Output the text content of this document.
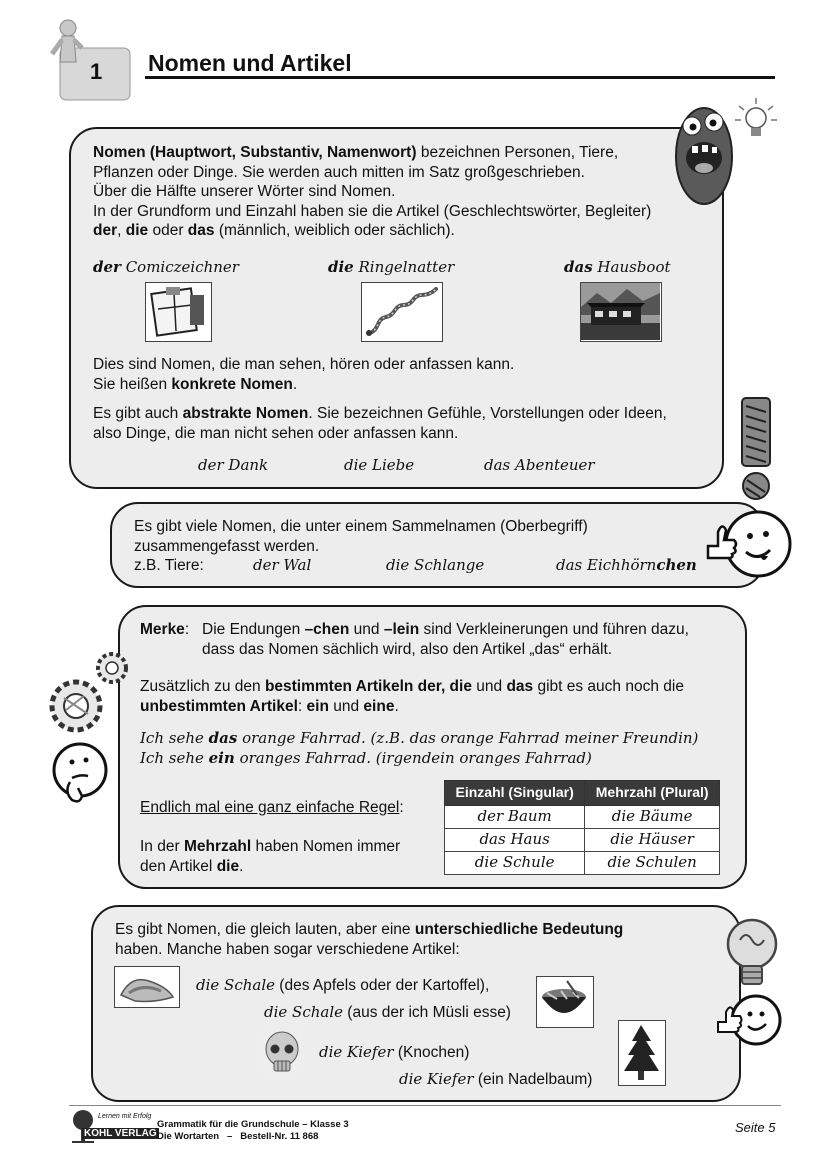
1 Nomen und Artikel

Nomen (Hauptwort, Substantiv, Namenwort) bezeichnen Personen, Tiere,

Pflanzen oder Dinge. Sie werden auch mitten im Satz großgeschrieben.

Über die Hälfte unserer Wörter sind Nomen.

In der Grundform und Einzahl haben sie die Artikel (Geschlechtswörter, Begleiter)

der, die oder das (männlich, weiblich oder sächlich).

der Comiczeichner	die Ringelnatter	das Hausboot

Dies sind Nomen, die man sehen, hören oder anfassen kann.

Sie heißen konkrete Nomen.

Es gibt auch abstrakte Nomen. Sie bezeichnen Gefühle, Vorstellungen oder Ideen,

also Dinge, die man nicht sehen oder anfassen kann.

der Dank	die Liebe	das Abenteuer

Es gibt viele Nomen, die unter einem Sammelnamen (Oberbegriff)

zusammengefasst werden.

z.B. Tiere:	der Wal	die Schlange	das Eichhörnchen
Merke: Die Endungen –chen und –lein sind Verkleinerungen und führen dazu,

dass das Nomen sächlich wird, also den Artikel „das“ erhält.

Zusätzlich zu den bestimmten Artikeln der, die und das gibt es auch noch die

unbestimmten Artikel: ein und eine.

Ich sehe das orange Fahrrad. (z.B. das orange Fahrrad meiner Freundin)
Ich sehe ein oranges Fahrrad. (irgendein oranges Fahrrad)
Endlich mal eine ganz einfache Regel:

In der Mehrzahl haben Nomen immer

den Artikel die.

Einzahl (Singular)	Mehrzahl (Plural)
der Baum	die Bäume
das Haus	die Häuser
die Schule	die Schulen

Es gibt Nomen, die gleich lauten, aber eine unterschiedliche Bedeutung

haben. Manche haben sogar verschiedene Artikel:

die Schale (des Apfels oder der Kartoffel),
die Schale (aus der ich Müsli esse)
die Kiefer (Knochen)
die Kiefer (ein Nadelbaum)
Lernen mit Erfolg
KOHL VERLAG

Grammatik für die Grundschule – Klasse 3

Die Wortarten   –   Bestell-Nr. 11 868

Seite 5
